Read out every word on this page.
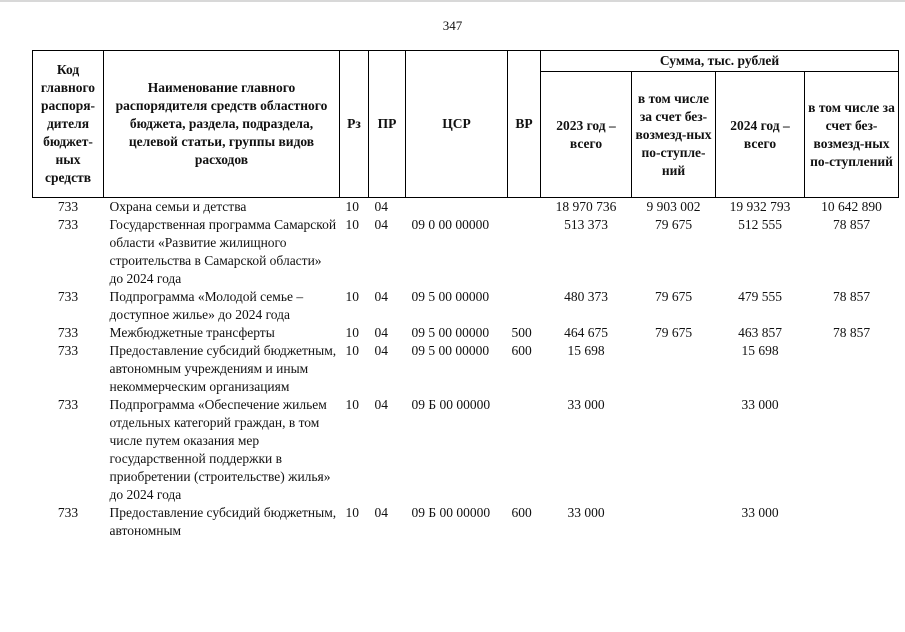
347
Код главного распоря-дителя бюджет-ных средств	Наименование главного распорядителя средств областного бюджета, раздела, подраздела, целевой статьи, группы видов расходов	Рз	ПР	ЦСР	ВР	Сумма, тыс. рублей			
						2023 год – всего	в том числе за счет без-возмезд-ных по-ступле-ний	2024 год – всего	в том числе за счет без-возмезд-ных по-ступлений
733	Охрана семьи и детства	10	04			18 970 736	9 903 002	19 932 793	10 642 890
733	Государственная программа Самарской области «Развитие жилищного строительства в Самарской области» до 2024 года	10	04	09 0 00 00000		513 373	79 675	512 555	78 857
733	Подпрограмма «Молодой семье – доступное жилье» до 2024 года	10	04	09 5 00 00000		480 373	79 675	479 555	78 857
733	Межбюджетные трансферты	10	04	09 5 00 00000	500	464 675	79 675	463 857	78 857
733	Предоставление субсидий бюджетным, автономным учреждениям и иным некоммерческим организациям	10	04	09 5 00 00000	600	15 698		15 698	
733	Подпрограмма «Обеспечение жильем отдельных категорий граждан, в том числе путем оказания мер государственной поддержки в приобретении (строительстве) жилья» до 2024 года	10	04	09 Б 00 00000		33 000		33 000	
733	Предоставление субсидий бюджетным, автономным	10	04	09 Б 00 00000	600	33 000		33 000	
